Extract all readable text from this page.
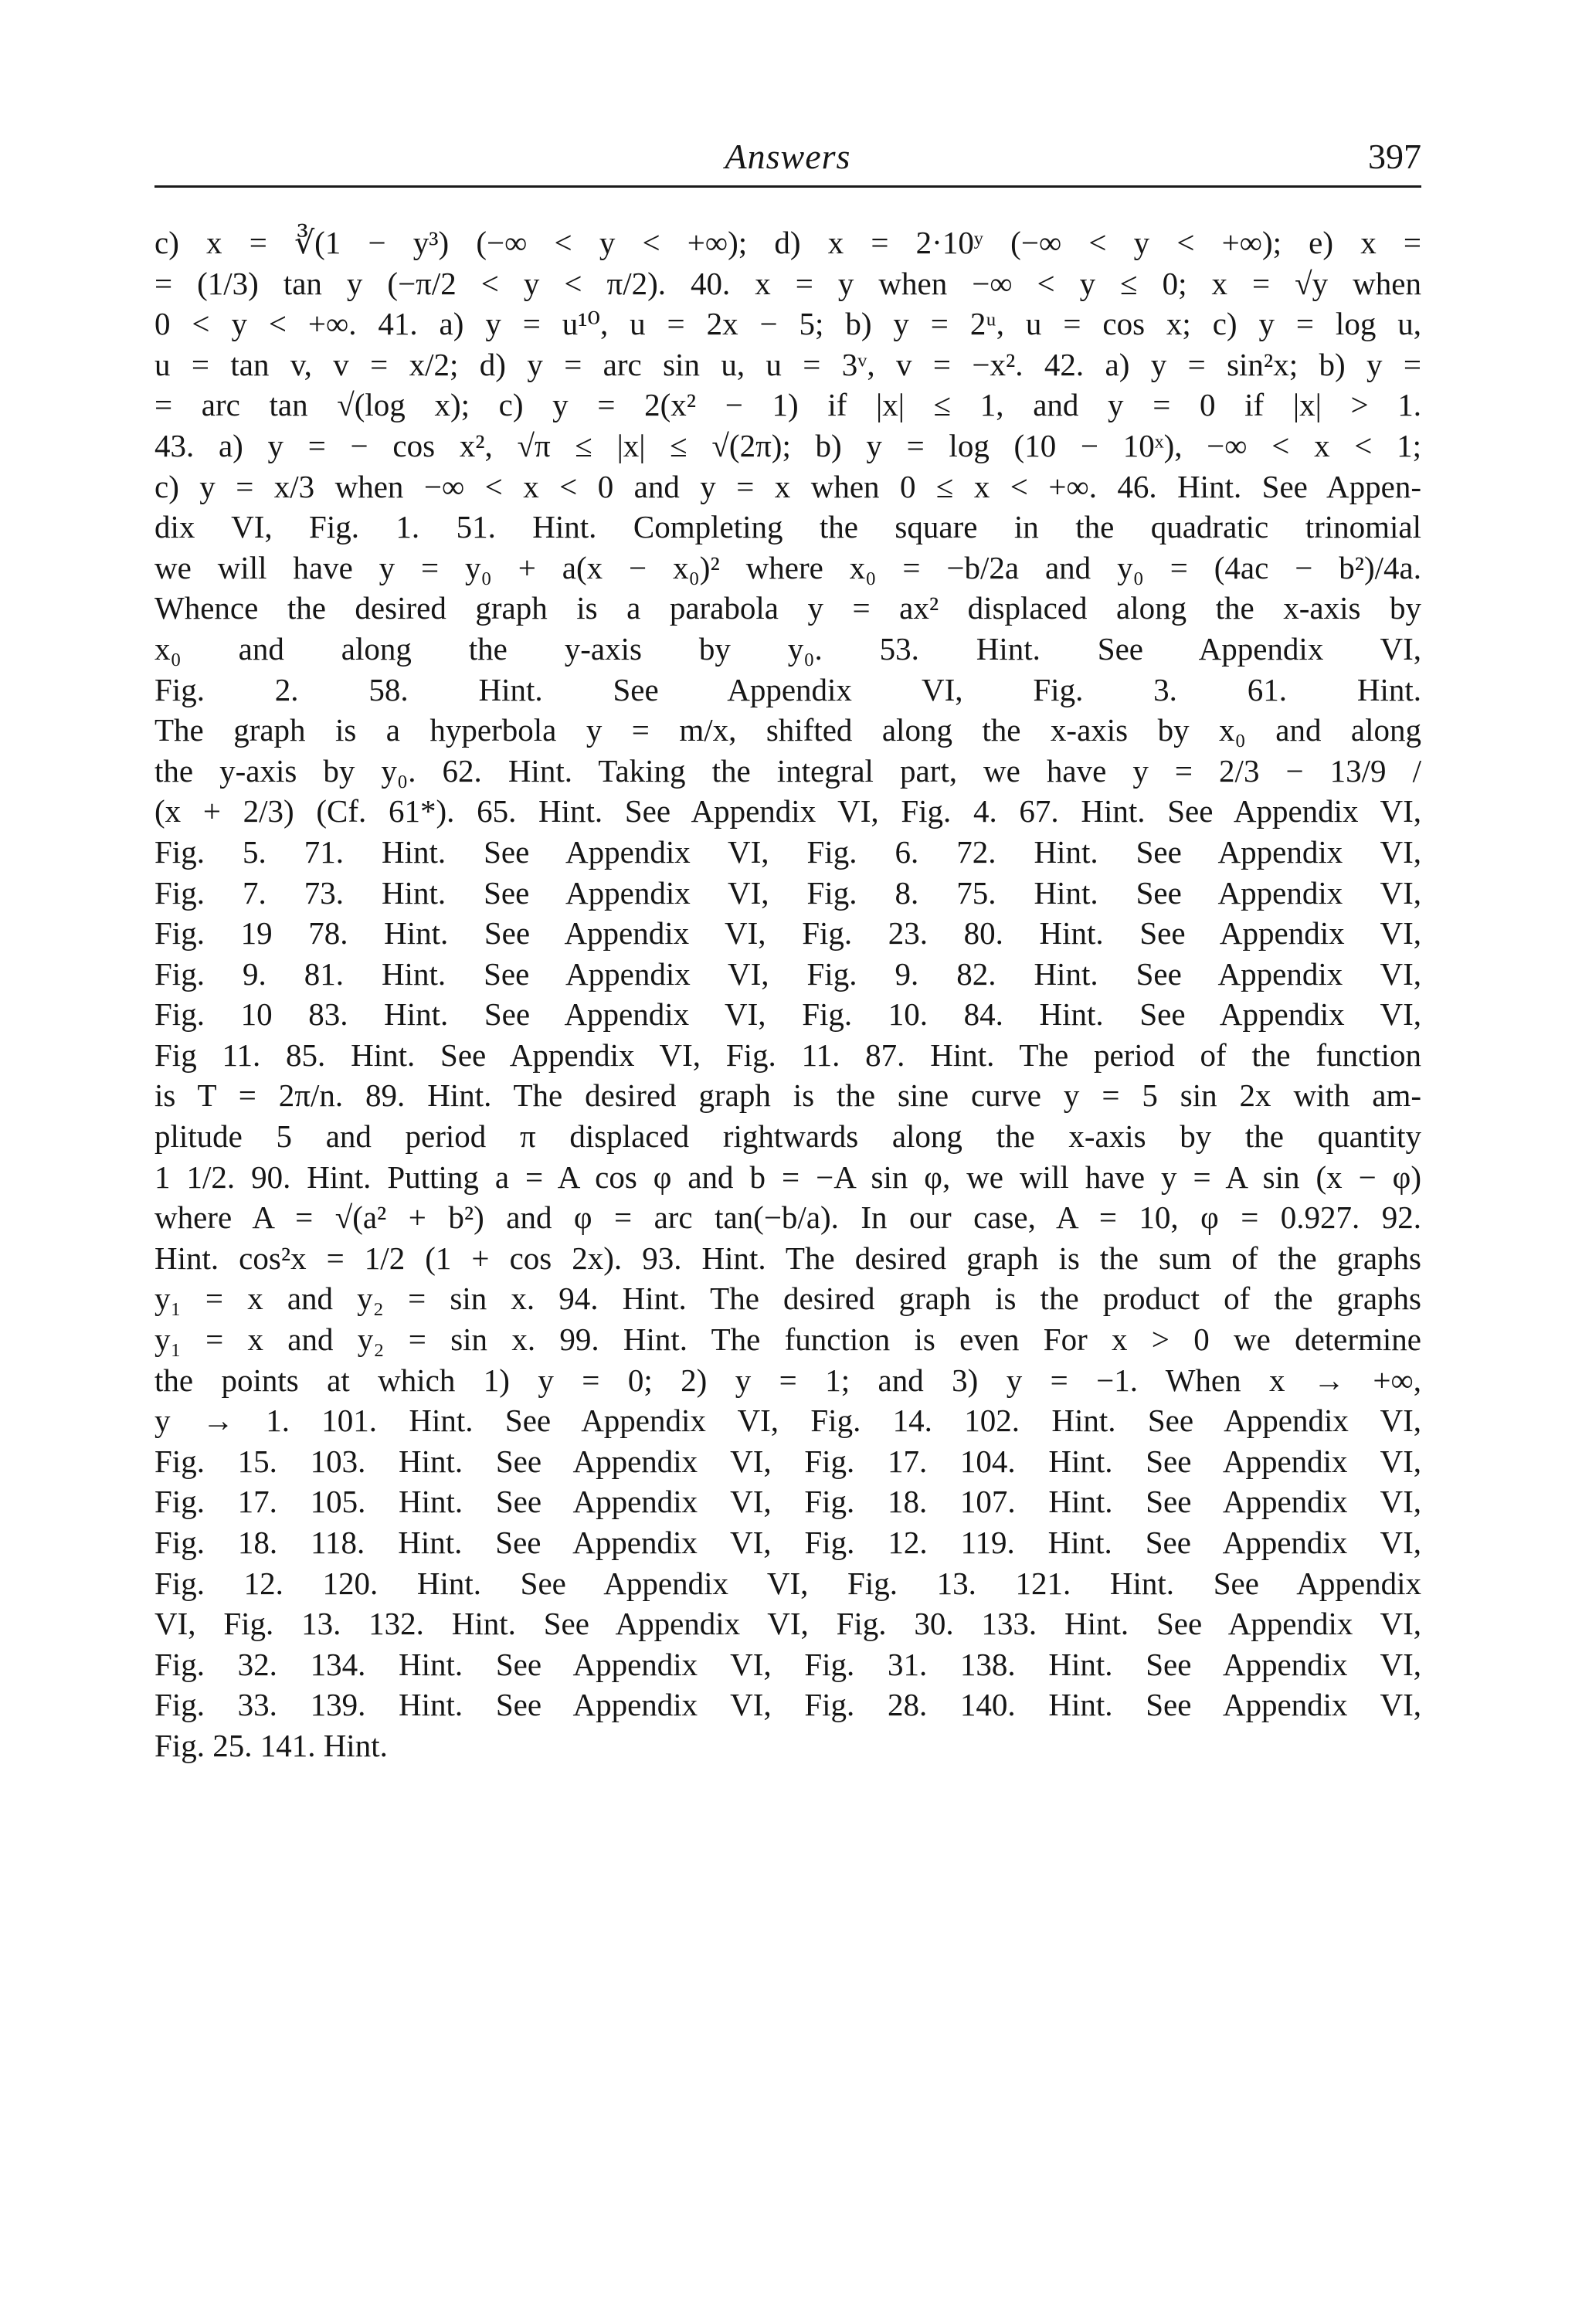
Answers	397
c) x = ∛(1 − y³) (−∞ < y < +∞); d) x = 2·10ʸ (−∞ < y < +∞); e) x =
= (1/3) tan y (−π/2 < y < π/2). 40. x = y when −∞ < y ≤ 0; x = √y when
0 < y < +∞. 41. a) y = u¹⁰, u = 2x − 5; b) y = 2ᵘ, u = cos x; c) y = log u,
u = tan v, v = x/2; d) y = arc sin u, u = 3ᵛ, v = −x². 42. a) y = sin²x; b) y =
= arc tan √(log x); c) y = 2(x² − 1) if |x| ≤ 1, and y = 0 if |x| > 1.
43. a) y = − cos x², √π ≤ |x| ≤ √(2π); b) y = log (10 − 10ˣ), −∞ < x < 1;
c) y = x/3 when −∞ < x < 0 and y = x when 0 ≤ x < +∞. 46. Hint. See Appen-
dix VI, Fig. 1. 51. Hint. Completing the square in the quadratic trinomial
we will have y = y₀ + a(x − x₀)² where x₀ = −b/2a and y₀ = (4ac − b²)/4a.
Whence the desired graph is a parabola y = ax² displaced along the x-axis by
x₀ and along the y-axis by y₀. 53. Hint. See Appendix VI,
Fig. 2. 58. Hint. See Appendix VI, Fig. 3. 61. Hint.
The graph is a hyperbola y = m/x, shifted along the x-axis by x₀ and along
the y-axis by y₀. 62. Hint. Taking the integral part, we have y = 2/3 − 13/9 /
(x + 2/3) (Cf. 61*). 65. Hint. See Appendix VI, Fig. 4. 67. Hint. See Appendix VI,
Fig. 5. 71. Hint. See Appendix VI, Fig. 6. 72. Hint. See Appendix VI,
Fig. 7. 73. Hint. See Appendix VI, Fig. 8. 75. Hint. See Appendix VI,
Fig. 19 78. Hint. See Appendix VI, Fig. 23. 80. Hint. See Appendix VI,
Fig. 9. 81. Hint. See Appendix VI, Fig. 9. 82. Hint. See Appendix VI,
Fig. 10 83. Hint. See Appendix VI, Fig. 10. 84. Hint. See Appendix VI,
Fig 11. 85. Hint. See Appendix VI, Fig. 11. 87. Hint. The period of the function
is T = 2π/n. 89. Hint. The desired graph is the sine curve y = 5 sin 2x with am-
plitude 5 and period π displaced rightwards along the x-axis by the quantity
1 1/2. 90. Hint. Putting a = A cos φ and b = −A sin φ, we will have y = A sin (x − φ)
where A = √(a² + b²) and φ = arc tan(−b/a). In our case, A = 10, φ = 0.927. 92.
Hint. cos²x = 1/2 (1 + cos 2x). 93. Hint. The desired graph is the sum of the graphs
y₁ = x and y₂ = sin x. 94. Hint. The desired graph is the product of the graphs
y₁ = x and y₂ = sin x. 99. Hint. The function is even For x > 0 we determine
the points at which 1) y = 0; 2) y = 1; and 3) y = −1. When x → +∞,
y → 1. 101. Hint. See Appendix VI, Fig. 14. 102. Hint. See Appendix VI,
Fig. 15. 103. Hint. See Appendix VI, Fig. 17. 104. Hint. See Appendix VI,
Fig. 17. 105. Hint. See Appendix VI, Fig. 18. 107. Hint. See Appendix VI,
Fig. 18. 118. Hint. See Appendix VI, Fig. 12. 119. Hint. See Appendix VI,
Fig. 12. 120. Hint. See Appendix VI, Fig. 13. 121. Hint. See Appendix
VI, Fig. 13. 132. Hint. See Appendix VI, Fig. 30. 133. Hint. See Appendix VI,
Fig. 32. 134. Hint. See Appendix VI, Fig. 31. 138. Hint. See Appendix VI,
Fig. 33. 139. Hint. See Appendix VI, Fig. 28. 140. Hint. See Appendix VI,
Fig. 25. 141. Hint.
